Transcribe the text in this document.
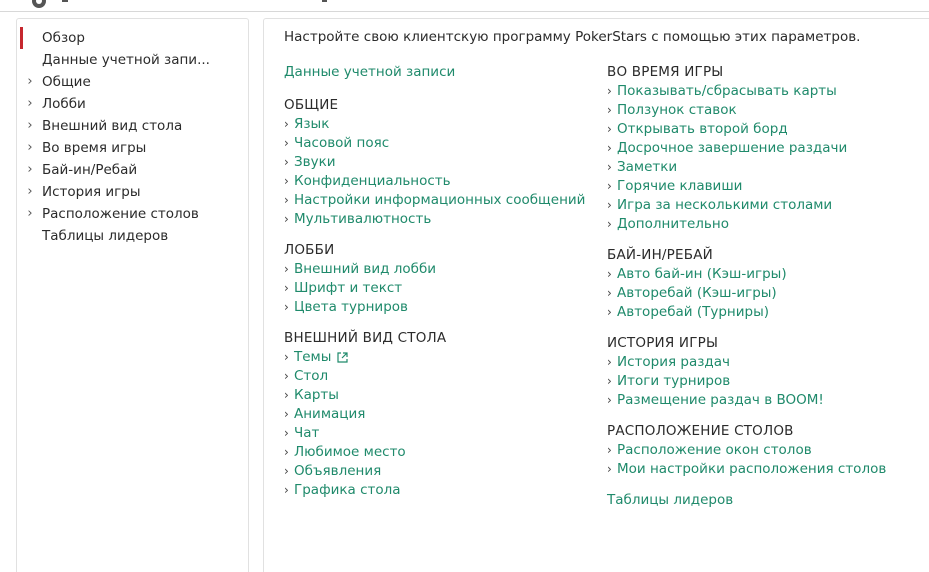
Обзор
Данные учетной запи...
› Общие
› Лобби
› Внешний вид стола
› Во время игры
› Бай-ин/Ребай
› История игры
› Расположение столов
Таблицы лидеров
Настройте свою клиентскую программу PokerStars с помощью этих параметров.
Данные учетной записи
ОБЩИЕ
› Язык
› Часовой пояс
› Звуки
› Конфиденциальность
› Настройки информационных сообщений
› Мультивалютность
ЛОББИ
› Внешний вид лобби
› Шрифт и текст
› Цвета турниров
ВНЕШНИЙ ВИД СТОЛА
› Темы
› Стол
› Карты
› Анимация
› Чат
› Любимое место
› Объявления
› Графика стола
ВО ВРЕМЯ ИГРЫ
› Показывать/сбрасывать карты
› Ползунок ставок
› Открывать второй борд
› Досрочное завершение раздачи
› Заметки
› Горячие клавиши
› Игра за несколькими столами
› Дополнительно
БАЙ-ИН/РЕБАЙ
› Авто бай-ин (Кэш-игры)
› Авторебай (Кэш-игры)
› Авторебай (Турниры)
ИСТОРИЯ ИГРЫ
› История раздач
› Итоги турниров
› Размещение раздач в BOOM!
РАСПОЛОЖЕНИЕ СТОЛОВ
› Расположение окон столов
› Мои настройки расположения столов
Таблицы лидеров
